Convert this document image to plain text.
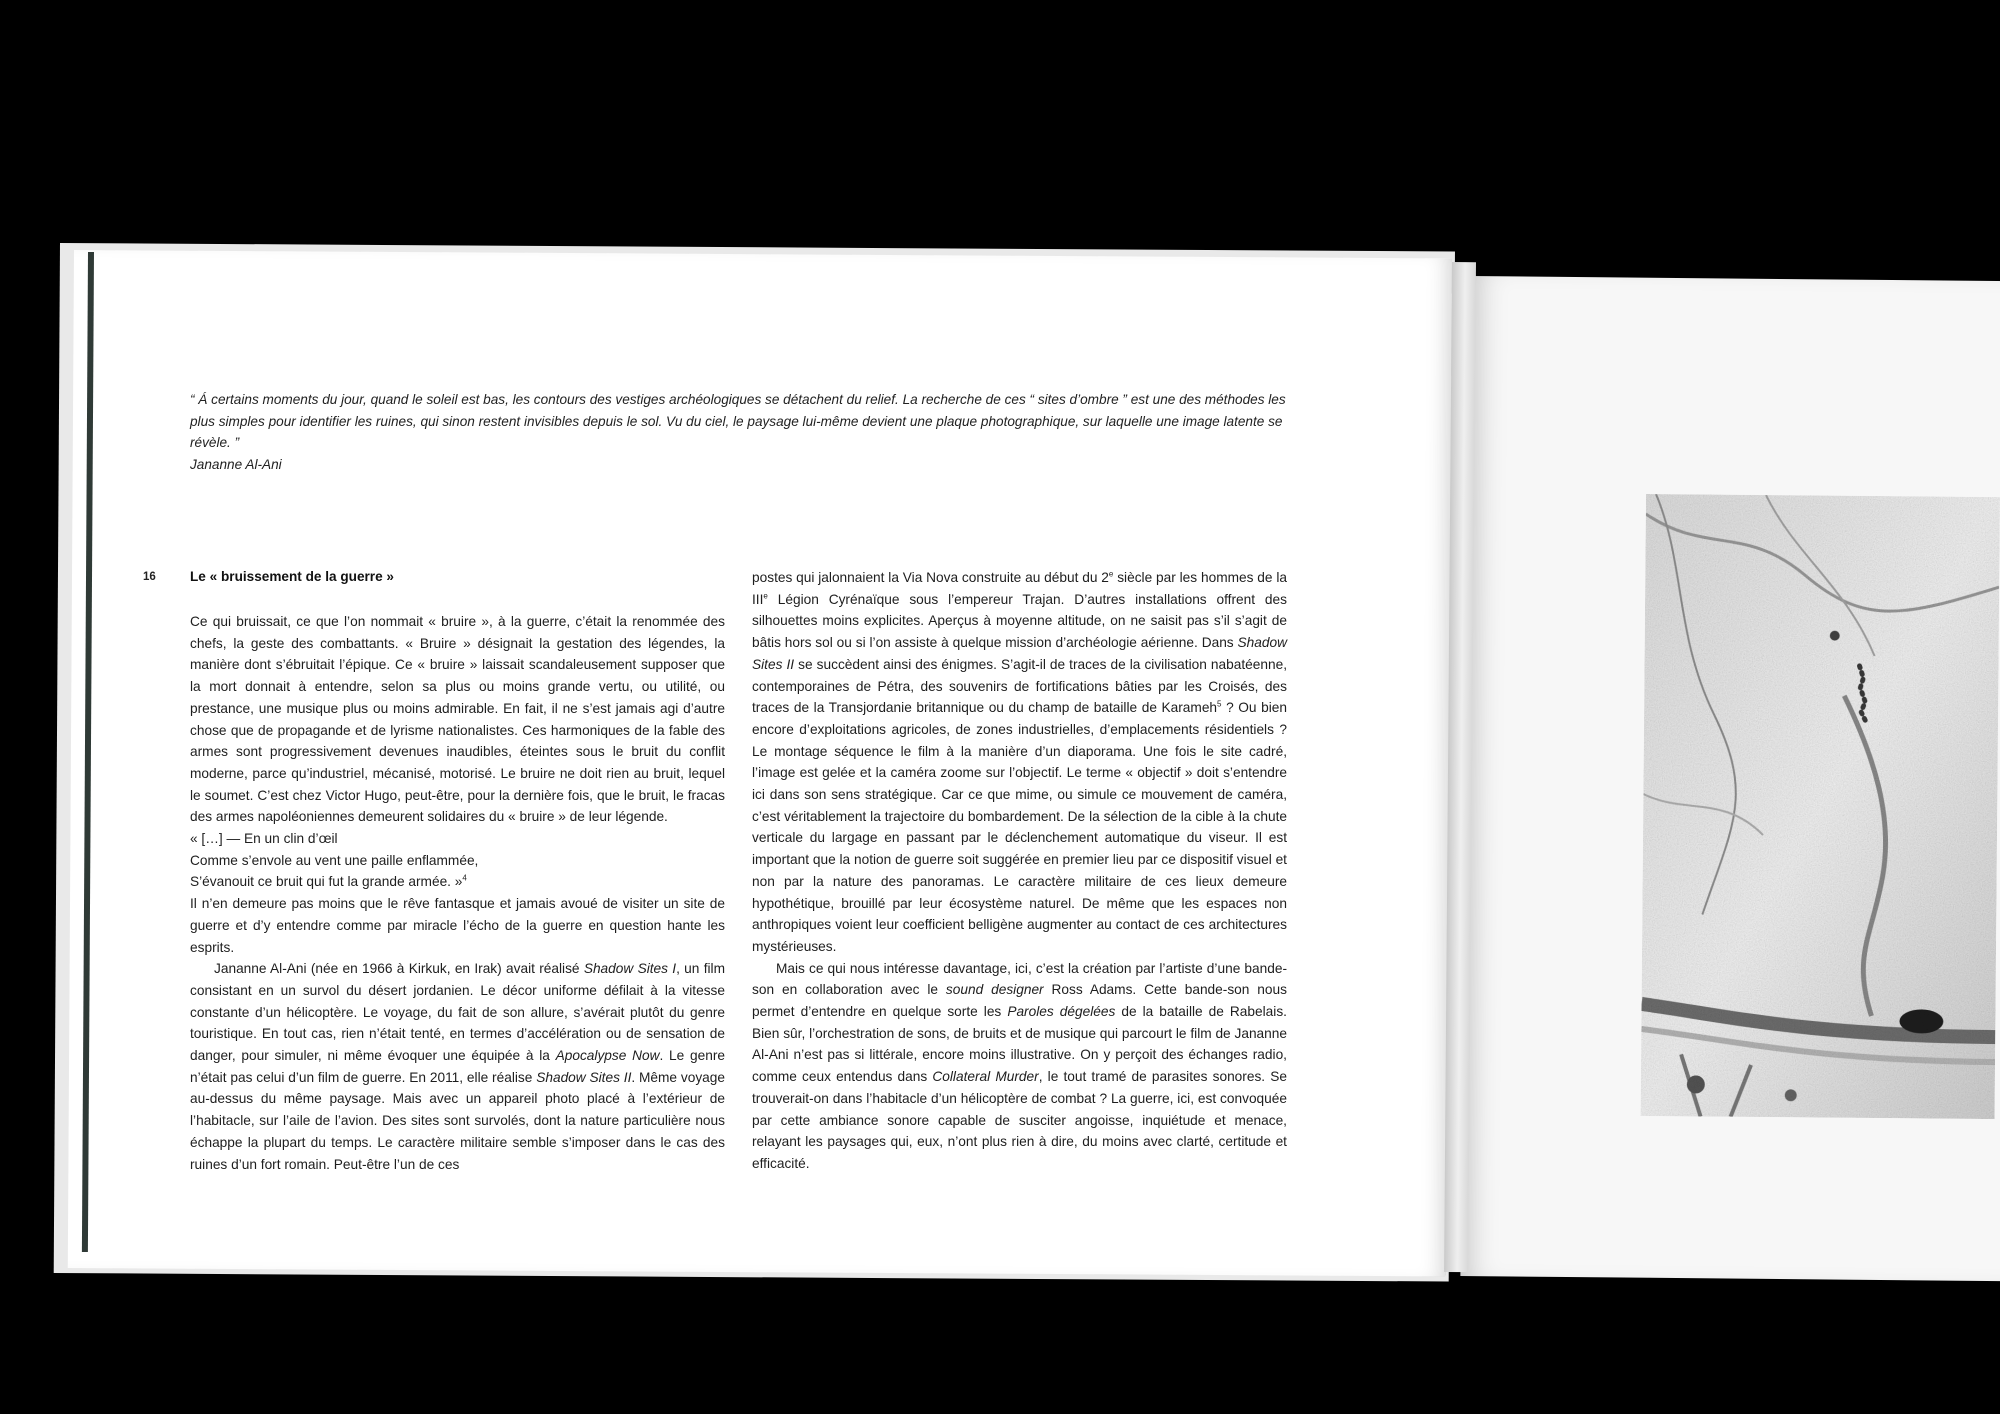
“ Á certains moments du jour, quand le soleil est bas, les contours des vestiges archéologiques se détachent du relief. La recherche de ces “ sites d’ombre ” est une des méthodes les plus simples pour identifier les ruines, qui sinon restent invisibles depuis le sol. Vu du ciel, le paysage lui-même devient une plaque photographique, sur laquelle une image latente se révèle. ”

Jananne Al-Ani

16	Le « bruissement de la guerre »

Ce qui bruissait, ce que l’on nommait « bruire », à la guerre, c’était la renommée des chefs, la geste des combattants. « Bruire » désignait la gestation des légendes, la manière dont s’ébruitait l’épique. Ce « bruire » laissait scandaleusement supposer que la mort donnait à entendre, selon sa plus ou moins grande vertu, ou utilité, ou prestance, une musique plus ou moins admirable. En fait, il ne s’est jamais agi d’autre chose que de propagande et de lyrisme nationalistes. Ces harmoniques de la fable des armes sont progressivement devenues inaudibles, éteintes sous le bruit du conflit moderne, parce qu’industriel, mécanisé, motorisé. Le bruire ne doit rien au bruit, lequel le soumet. C’est chez Victor Hugo, peut-être, pour la dernière fois, que le bruit, le fracas des armes napoléoniennes demeurent solidaires du « bruire » de leur légende.

« […] — En un clin d’œil

Comme s’envole au vent une paille enflammée,

S’évanouit ce bruit qui fut la grande armée. »$^4$

Il n’en demeure pas moins que le rêve fantasque et jamais avoué de visiter un site de guerre et d’y entendre comme par miracle l’écho de la guerre en question hante les esprits.

Jananne Al-Ani (née en 1966 à Kirkuk, en Irak) avait réalisé Shadow Sites I, un film consistant en un survol du désert jordanien. Le décor uniforme défilait à la vitesse constante d’un hélicoptère. Le voyage, du fait de son allure, s’avérait plutôt du genre touristique. En tout cas, rien n’était tenté, en termes d’accélération ou de sensation de danger, pour simuler, ni même évoquer une équipée à la Apocalypse Now. Le genre n’était pas celui d’un film de guerre. En 2011, elle réalise Shadow Sites II. Même voyage au-dessus du même paysage. Mais avec un appareil photo placé à l’extérieur de l’habitacle, sur l’aile de l’avion. Des sites sont survolés, dont la nature particulière nous échappe la plupart du temps. Le caractère militaire semble s’imposer dans le cas des ruines d’un fort romain. Peut-être l’un de ces

postes qui jalonnaient la Via Nova construite au début du 2e siècle par les hommes de la IIIe Légion Cyrénaïque sous l’empereur Trajan. D’autres installations offrent des silhouettes moins explicites. Aperçus à moyenne altitude, on ne saisit pas s’il s’agit de bâtis hors sol ou si l’on assiste à quelque mission d’archéologie aérienne. Dans Shadow Sites II se succèdent ainsi des énigmes. S’agit-il de traces de la civilisation nabatéenne, contemporaines de Pétra, des souvenirs de fortifications bâties par les Croisés, des traces de la Transjordanie britannique ou du champ de bataille de Karameh$^5$ ? Ou bien encore d’exploitations agricoles, de zones industrielles, d’emplacements résidentiels ? Le montage séquence le film à la manière d’un diaporama. Une fois le site cadré, l’image est gelée et la caméra zoome sur l’objectif. Le terme « objectif » doit s’entendre ici dans son sens stratégique. Car ce que mime, ou simule ce mouvement de caméra, c’est véritablement la trajectoire du bombardement. De la sélection de la cible à la chute verticale du largage en passant par le déclenchement automatique du viseur. Il est important que la notion de guerre soit suggérée en premier lieu par ce dispositif visuel et non par la nature des panoramas. Le caractère militaire de ces lieux demeure hypothétique, brouillé par leur écosystème naturel. De même que les espaces non anthropiques voient leur coefficient belligène augmenter au contact de ces architectures mystérieuses.

Mais ce qui nous intéresse davantage, ici, c’est la création par l’artiste d’une bande-son en collaboration avec le sound designer Ross Adams. Cette bande-son nous permet d’entendre en quelque sorte les Paroles dégelées de la bataille de Rabelais. Bien sûr, l’orchestration de sons, de bruits et de musique qui parcourt le film de Jananne Al-Ani n’est pas si littérale, encore moins illustrative. On y perçoit des échanges radio, comme ceux entendus dans Collateral Murder, le tout tramé de parasites sonores. Se trouverait-on dans l’habitacle d’un hélicoptère de combat ? La guerre, ici, est convoquée par cette ambiance sonore capable de susciter angoisse, inquiétude et menace, relayant les paysages qui, eux, n’ont plus rien à dire, du moins avec clarté, certitude et efficacité.
